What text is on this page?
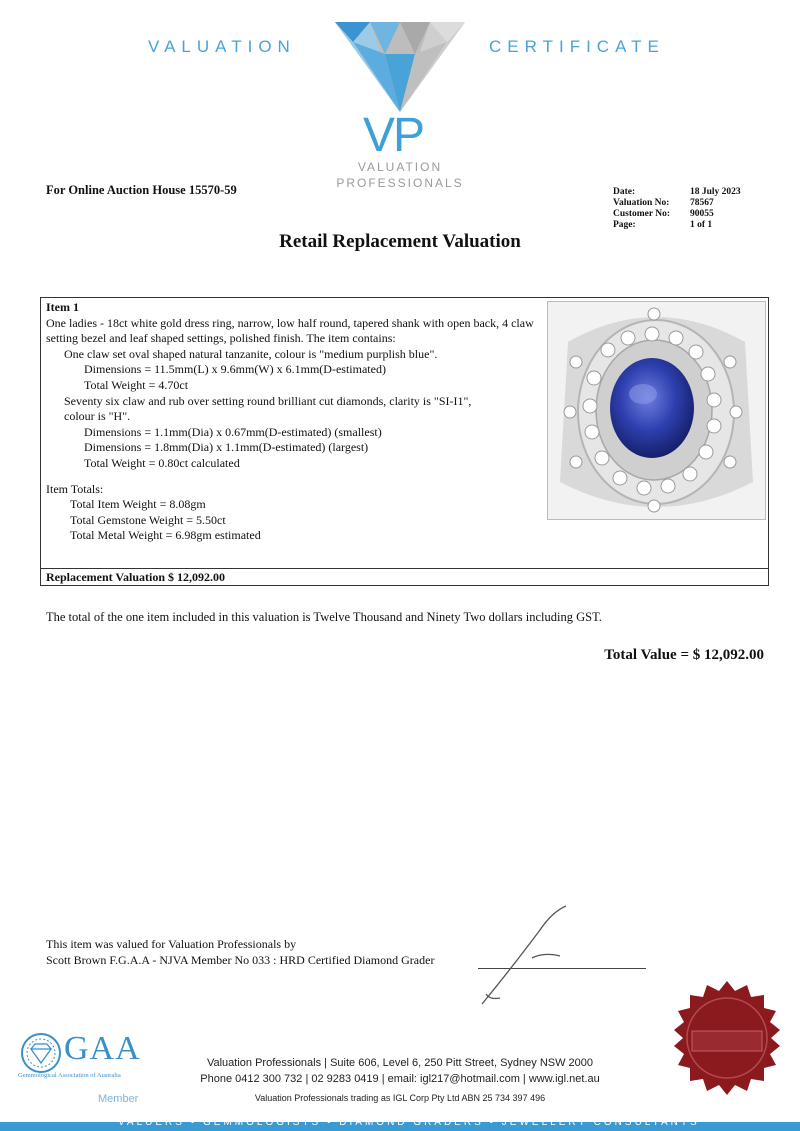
VALUATION	CERTIFICATE
VP
VALUATION
PROFESSIONALS
For Online Auction House 15570-59	Date:	18 July 2023
Valuation No:	78567
Customer No:	90055
Page:	1 of 1
Retail Replacement Valuation
Item 1
One ladies - 18ct white gold dress ring, narrow, low half round, tapered shank with open back, 4 claw setting bezel and leaf shaped settings, polished finish. The item contains:
One claw set oval shaped natural tanzanite, colour is "medium purplish blue".
Dimensions = 11.5mm(L) x 9.6mm(W) x 6.1mm(D-estimated)
Total Weight = 4.70ct
Seventy six claw and rub over setting round brilliant cut diamonds, clarity is "SI-I1",
colour is "H".
Dimensions = 1.1mm(Dia) x 0.67mm(D-estimated) (smallest)
Dimensions = 1.8mm(Dia) x 1.1mm(D-estimated) (largest)
Total Weight = 0.80ct calculated
Item Totals:
Total Item Weight = 8.08gm
Total Gemstone Weight = 5.50ct
Total Metal Weight = 6.98gm estimated
Replacement Valuation $ 12,092.00
The total of the one item included in this valuation is Twelve Thousand and Ninety Two dollars including GST.
Total Value = $ 12,092.00
This item was valued for Valuation Professionals by
Scott Brown F.G.A.A - NJVA Member No 033 : HRD Certified Diamond Grader
GAA
Gemmological Association of Australia
Member
Valuation Professionals | Suite 606, Level 6, 250 Pitt Street, Sydney NSW 2000
Phone 0412 300 732 | 02 9283 0419 | email: igl217@hotmail.com | www.igl.net.au
Valuation Professionals trading as IGL Corp Pty Ltd ABN 25 734 397 496
VALUERS • GEMMOLOGISTS • DIAMOND GRADERS • JEWELLERY CONSULTANTS
